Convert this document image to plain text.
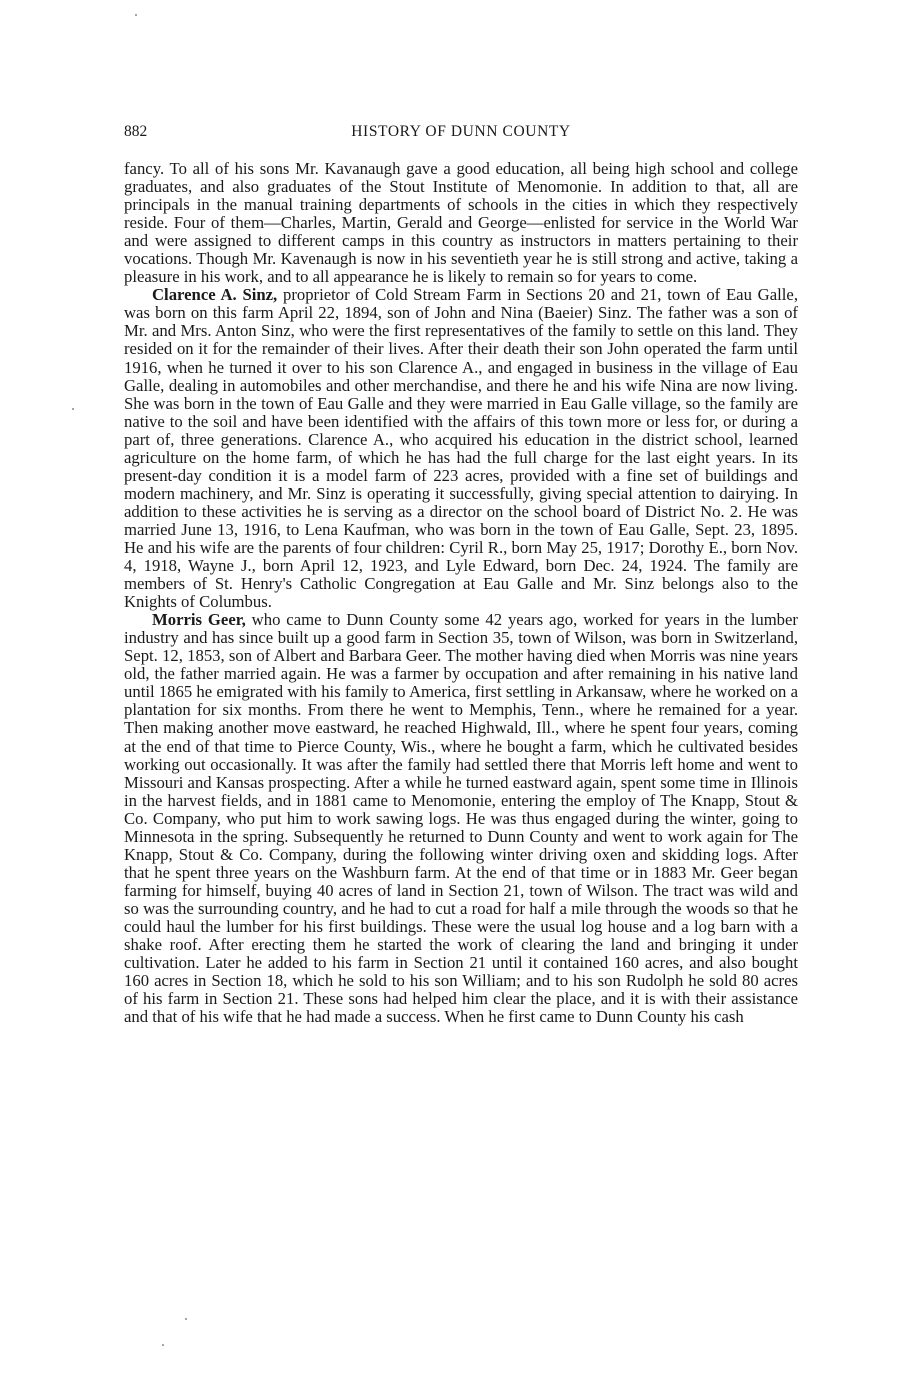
882	HISTORY OF DUNN COUNTY

fancy. To all of his sons Mr. Kavanaugh gave a good education, all being high school and college graduates, and also graduates of the Stout Institute of Menomonie. In addition to that, all are principals in the manual training departments of schools in the cities in which they respectively reside. Four of them—Charles, Martin, Gerald and George—enlisted for service in the World War and were assigned to different camps in this country as instructors in matters pertaining to their vocations. Though Mr. Kavenaugh is now in his seventieth year he is still strong and active, taking a pleasure in his work, and to all appearance he is likely to remain so for years to come.

Clarence A. Sinz, proprietor of Cold Stream Farm in Sections 20 and 21, town of Eau Galle, was born on this farm April 22, 1894, son of John and Nina (Baeier) Sinz. The father was a son of Mr. and Mrs. Anton Sinz, who were the first representatives of the family to settle on this land. They resided on it for the remainder of their lives. After their death their son John operated the farm until 1916, when he turned it over to his son Clarence A., and engaged in business in the village of Eau Galle, dealing in automobiles and other merchandise, and there he and his wife Nina are now living. She was born in the town of Eau Galle and they were married in Eau Galle village, so the family are native to the soil and have been identified with the affairs of this town more or less for, or during a part of, three generations. Clarence A., who acquired his education in the district school, learned agriculture on the home farm, of which he has had the full charge for the last eight years. In its present-day condition it is a model farm of 223 acres, provided with a fine set of buildings and modern machinery, and Mr. Sinz is operating it successfully, giving special attention to dairying. In addition to these activities he is serving as a director on the school board of District No. 2. He was married June 13, 1916, to Lena Kaufman, who was born in the town of Eau Galle, Sept. 23, 1895. He and his wife are the parents of four children: Cyril R., born May 25, 1917; Dorothy E., born Nov. 4, 1918, Wayne J., born April 12, 1923, and Lyle Edward, born Dec. 24, 1924. The family are members of St. Henry's Catholic Congregation at Eau Galle and Mr. Sinz belongs also to the Knights of Columbus.

Morris Geer, who came to Dunn County some 42 years ago, worked for years in the lumber industry and has since built up a good farm in Section 35, town of Wilson, was born in Switzerland, Sept. 12, 1853, son of Albert and Barbara Geer. The mother having died when Morris was nine years old, the father married again. He was a farmer by occupation and after remaining in his native land until 1865 he emigrated with his family to America, first settling in Arkansaw, where he worked on a plantation for six months. From there he went to Memphis, Tenn., where he remained for a year. Then making another move eastward, he reached Highwald, Ill., where he spent four years, coming at the end of that time to Pierce County, Wis., where he bought a farm, which he cultivated besides working out occasionally. It was after the family had settled there that Morris left home and went to Missouri and Kansas prospecting. After a while he turned eastward again, spent some time in Illinois in the harvest fields, and in 1881 came to Menomonie, entering the employ of The Knapp, Stout & Co. Company, who put him to work sawing logs. He was thus engaged during the winter, going to Minnesota in the spring. Subsequently he returned to Dunn County and went to work again for The Knapp, Stout & Co. Company, during the following winter driving oxen and skidding logs. After that he spent three years on the Washburn farm. At the end of that time or in 1883 Mr. Geer began farming for himself, buying 40 acres of land in Section 21, town of Wilson. The tract was wild and so was the surrounding country, and he had to cut a road for half a mile through the woods so that he could haul the lumber for his first buildings. These were the usual log house and a log barn with a shake roof. After erecting them he started the work of clearing the land and bringing it under cultivation. Later he added to his farm in Section 21 until it contained 160 acres, and also bought 160 acres in Section 18, which he sold to his son William; and to his son Rudolph he sold 80 acres of his farm in Section 21. These sons had helped him clear the place, and it is with their assistance and that of his wife that he had made a success. When he first came to Dunn County his cash
